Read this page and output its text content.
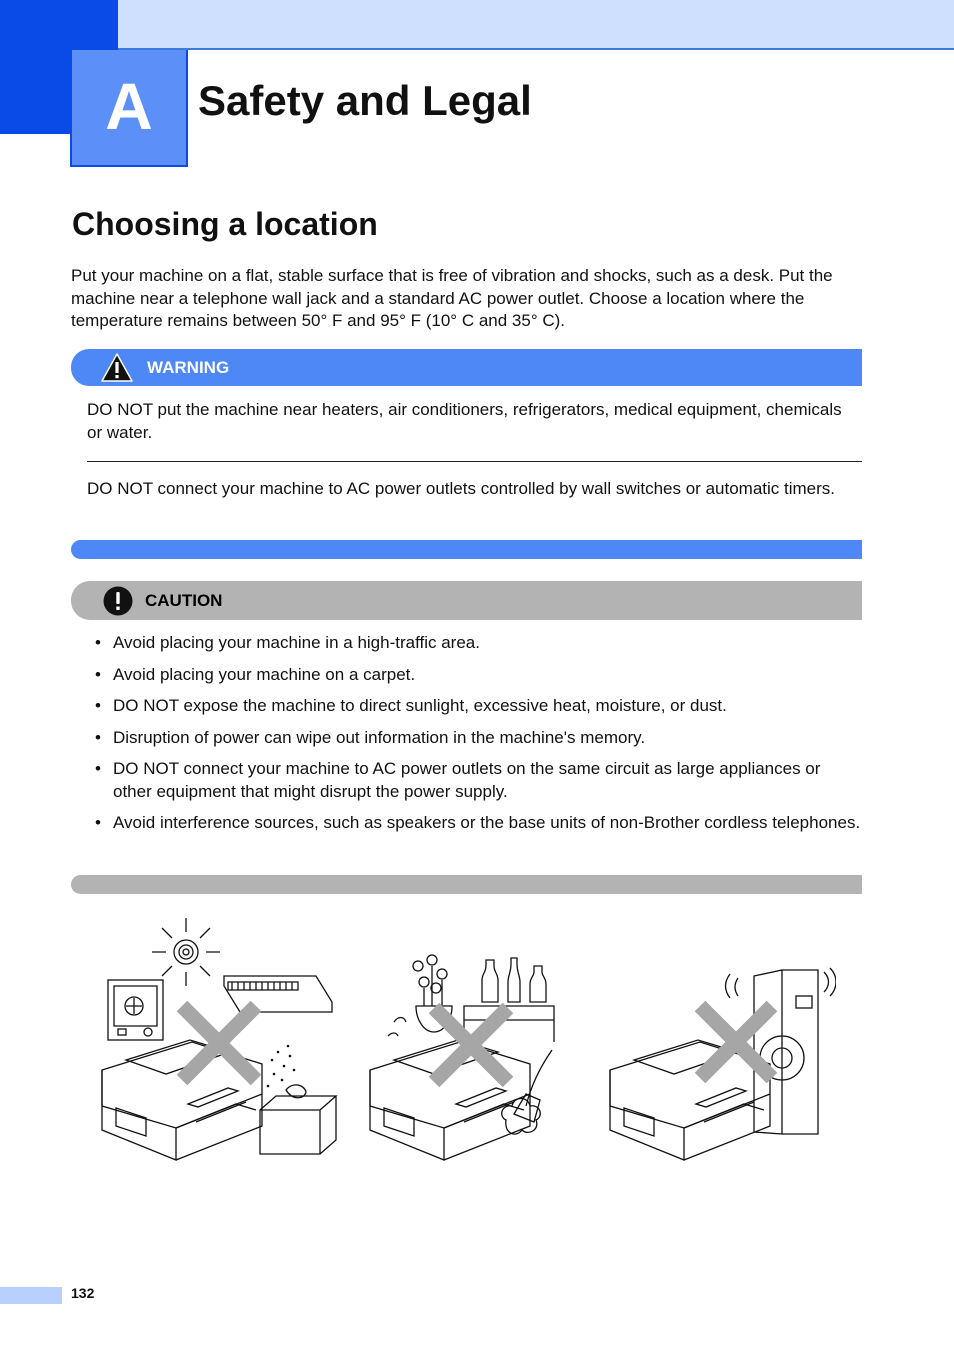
A Safety and Legal
Choosing a location

Put your machine on a flat, stable surface that is free of vibration and shocks, such as a desk. Put the machine near a telephone wall jack and a standard AC power outlet. Choose a location where the temperature remains between 50° F and 95° F (10° C and 35° C).

WARNING

DO NOT put the machine near heaters, air conditioners, refrigerators, medical equipment, chemicals or water.

DO NOT connect your machine to AC power outlets controlled by wall switches or automatic timers.

CAUTION
• Avoid placing your machine in a high-traffic area.
• Avoid placing your machine on a carpet.
• DO NOT expose the machine to direct sunlight, excessive heat, moisture, or dust.
• Disruption of power can wipe out information in the machine's memory.
• DO NOT connect your machine to AC power outlets on the same circuit as large appliances or other equipment that might disrupt the power supply.
• Avoid interference sources, such as speakers or the base units of non-Brother cordless telephones.
132
